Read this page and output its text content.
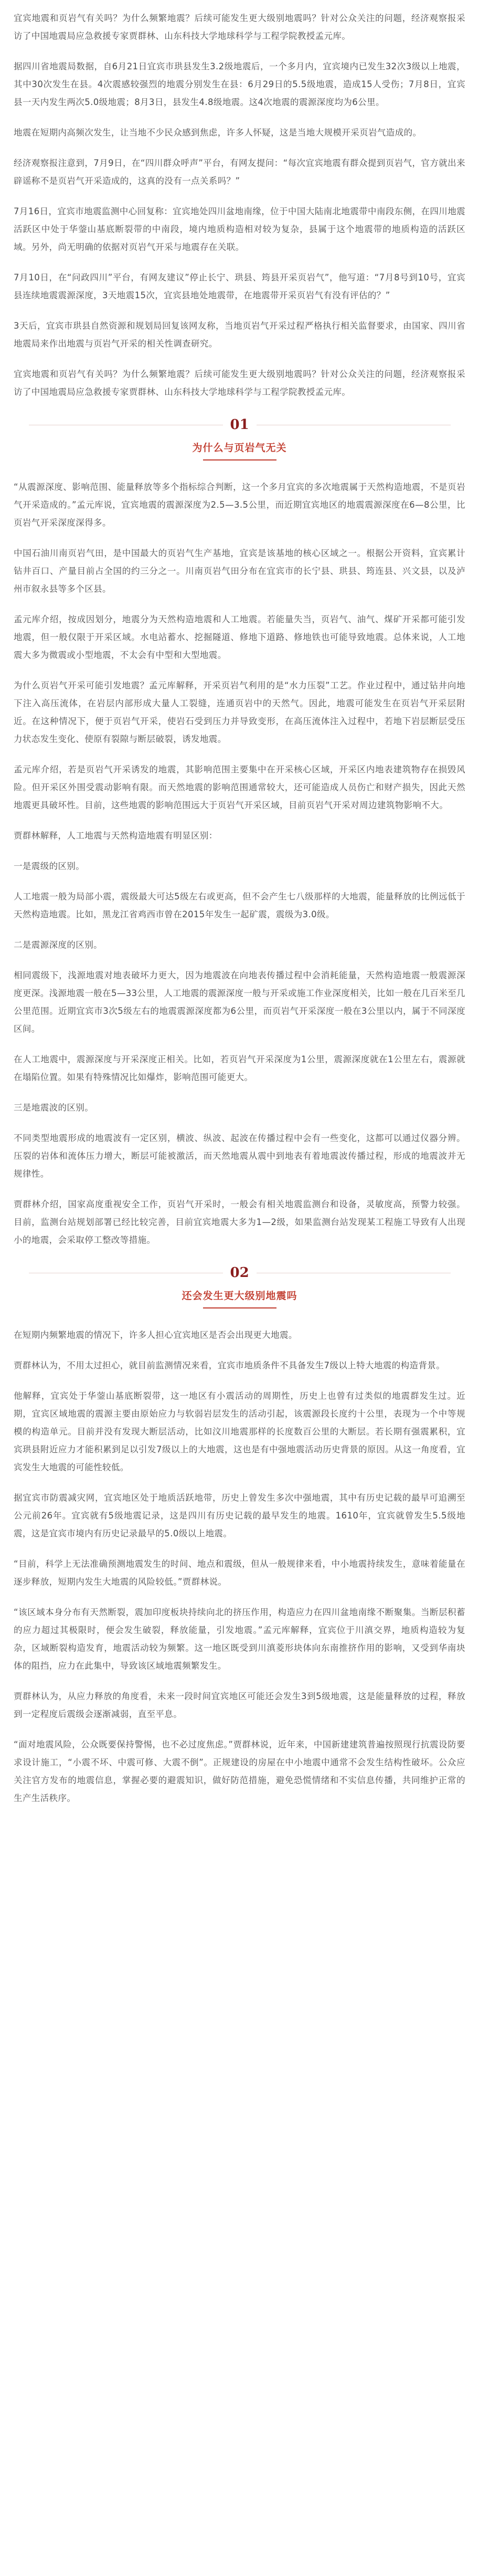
宜宾地震和页岩气有关吗？为什么频繁地震？后续可能发生更大级别地震吗？针对公众关注的问题，经济观察报采访了中国地震局应急救援专家贾群林、山东科技大学地球科学与工程学院教授孟元库。

据四川省地震局数据，自6月21日宜宾市珙县发生3.2级地震后，一个多月内，宜宾境内已发生32次3级以上地震，其中30次发生在县。4次震感较强烈的地震分别发生在县：6月29日的5.5级地震，造成15人受伤；7月8日，宜宾县一天内发生两次5.0级地震；8月3日，县发生4.8级地震。这4次地震的震源深度均为6公里。

地震在短期内高频次发生，让当地不少民众感到焦虑，许多人怀疑，这是当地大规模开采页岩气造成的。

经济观察报注意到，7月9日，在“四川群众呼声”平台，有网友提问：“每次宜宾地震有群众提到页岩气，官方就出来辟谣称不是页岩气开采造成的，这真的没有一点关系吗？”

7月16日，宜宾市地震监测中心回复称：宜宾地处四川盆地南缘，位于中国大陆南北地震带中南段东侧，在四川地震活跃区中处于华蓥山基底断裂带的中南段，境内地质构造相对较为复杂，县属于这个地震带的地质构造的活跃区域。另外，尚无明确的依据对页岩气开采与地震存在关联。

7月10日，在“问政四川”平台，有网友建议”停止长宁、珙县、筠县开采页岩气”，他写道：“7月8号到10号，宜宾县连续地震震源深度，3天地震15次，宜宾县地处地震带，在地震带开采页岩气有没有评估的？”

3天后，宜宾市珙县自然资源和规划局回复该网友称，当地页岩气开采过程严格执行相关监督要求，由国家、四川省地震局来作出地震与页岩气开采的相关性调查研究。

宜宾地震和页岩气有关吗？为什么频繁地震？后续可能发生更大级别地震吗？针对公众关注的问题，经济观察报采访了中国地震局应急救援专家贾群林、山东科技大学地球科学与工程学院教授孟元库。

01
为什么与页岩气无关

“从震源深度、影响范围、能量释放等多个指标综合判断，这一个多月宜宾的多次地震属于天然构造地震，不是页岩气开采造成的。”孟元库说，宜宾地震的震源深度为2.5—3.5公里，而近期宜宾地区的地震震源深度在6—8公里，比页岩气开采深度深得多。

中国石油川南页岩气田，是中国最大的页岩气生产基地，宜宾是该基地的核心区域之一。根据公开资料，宜宾累计钻井百口、产量目前占全国的约三分之一。川南页岩气田分布在宜宾市的长宁县、珙县、筠连县、兴文县，以及泸州市叙永县等多个区县。

孟元库介绍，按成因划分，地震分为天然构造地震和人工地震。若能量失当，页岩气、油气、煤矿开采都可能引发地震，但一般仅限于开采区域。水电站蓄水、挖掘隧道、修地下道路、修地铁也可能导致地震。总体来说，人工地震大多为微震或小型地震，不太会有中型和大型地震。

为什么页岩气开采可能引发地震？孟元库解释，开采页岩气利用的是“水力压裂”工艺。作业过程中，通过钻井向地下注入高压流体，在岩层内部形成大量人工裂缝，连通页岩中的天然气。因此，地震可能发生在页岩气开采层附近。在这种情况下，便于页岩气开采，使岩石受到压力并导致变形，在高压流体注入过程中，若地下岩层断层受压力状态发生变化、使原有裂隙与断层破裂，诱发地震。

孟元库介绍，若是页岩气开采诱发的地震，其影响范围主要集中在开采核心区域，开采区内地表建筑物存在损毁风险。但开采区外围受震动影响有限。而天然地震的影响范围通常较大，还可能造成人员伤亡和财产损失，因此天然地震更具破坏性。目前，这些地震的影响范围远大于页岩气开采区域，目前页岩气开采对周边建筑物影响不大。

贾群林解释，人工地震与天然构造地震有明显区别：

一是震级的区别。

人工地震一般为局部小震，震级最大可达5级左右或更高，但不会产生七八级那样的大地震，能量释放的比例远低于天然构造地震。比如，黑龙江省鸡西市曾在2015年发生一起矿震，震级为3.0级。

二是震源深度的区别。

相同震级下，浅源地震对地表破坏力更大，因为地震波在向地表传播过程中会消耗能量，天然构造地震一般震源深度更深。浅源地震一般在5—33公里，人工地震的震源深度一般与开采或施工作业深度相关，比如一般在几百米至几公里范围。近期宜宾市3次5级左右的地震震源深度都为6公里，而页岩气开采深度一般在3公里以内，属于不同深度区间。

在人工地震中，震源深度与开采深度正相关。比如，若页岩气开采深度为1公里，震源深度就在1公里左右，震源就在塌陷位置。如果有特殊情况比如爆炸，影响范围可能更大。

三是地震波的区别。

不同类型地震形成的地震波有一定区别，横波、纵波、起波在传播过程中会有一些变化，这都可以通过仪器分辨。压裂的岩体和流体压力增大，断层可能被激活，而天然地震从震中到地表有着地震波传播过程，形成的地震波并无规律性。

贾群林介绍，国家高度重视安全工作，页岩气开采时，一般会有相关地震监测台和设备，灵敏度高，预警力较强。目前，监测台站规划部署已经比较完善，目前宜宾地震大多为1—2级，如果监测台站发现某工程施工导致有人出现小的地震，会采取停工整改等措施。

02
还会发生更大级别地震吗

在短期内频繁地震的情况下，许多人担心宜宾地区是否会出现更大地震。

贾群林认为，不用太过担心，就目前监测情况来看，宜宾市地质条件不具备发生7级以上特大地震的构造背景。

他解释，宜宾处于华蓥山基底断裂带，这一地区有小震活动的周期性，历史上也曾有过类似的地震群发生过。近期，宜宾区域地震的震源主要由原始应力与软弱岩层发生的活动引起，该震源段长度约十公里，表现为一个中等规模的构造单元。目前并没有发现大断层活动，比如汶川地震那样的长度数百公里的大断层。若长期有强震累积，宜宾珙县附近应力才能积累到足以引发7级以上的大地震，这也是有中强地震活动历史背景的原因。从这一角度看，宜宾发生大地震的可能性较低。

据宜宾市防震减灾网，宜宾地区处于地质活跃地带，历史上曾发生多次中强地震，其中有历史记载的最早可追溯至公元前26年。宜宾就有5级地震记录，这是四川有历史记载的最早发生的地震。1610年，宜宾就曾发生5.5级地震，这是宜宾市境内有历史记录最早的5.0级以上地震。

“目前，科学上无法准确预测地震发生的时间、地点和震级，但从一般规律来看，中小地震持续发生，意味着能量在逐步释放，短期内发生大地震的风险较低。”贾群林说。

“该区域本身分布有天然断裂，震加印度板块持续向北的挤压作用，构造应力在四川盆地南缘不断聚集。当断层积蓄的应力超过其极限时，便会发生破裂，释放能量，引发地震。”孟元库解释，宜宾位于川滇交界，地质构造较为复杂，区域断裂构造发育，地震活动较为频繁。这一地区既受到川滇菱形块体向东南推挤作用的影响，又受到华南块体的阻挡，应力在此集中，导致该区域地震频繁发生。

贾群林认为，从应力释放的角度看，未来一段时间宜宾地区可能还会发生3到5级地震，这是能量释放的过程，释放到一定程度后震级会逐渐减弱，直至平息。

“面对地震风险，公众既要保持警惕，也不必过度焦虑。”贾群林说，近年来，中国新建建筑普遍按照现行抗震设防要求设计施工，“小震不坏、中震可修、大震不倒”。正规建设的房屋在中小地震中通常不会发生结构性破坏。公众应关注官方发布的地震信息，掌握必要的避震知识，做好防范措施，避免恐慌情绪和不实信息传播，共同维护正常的生产生活秩序。
